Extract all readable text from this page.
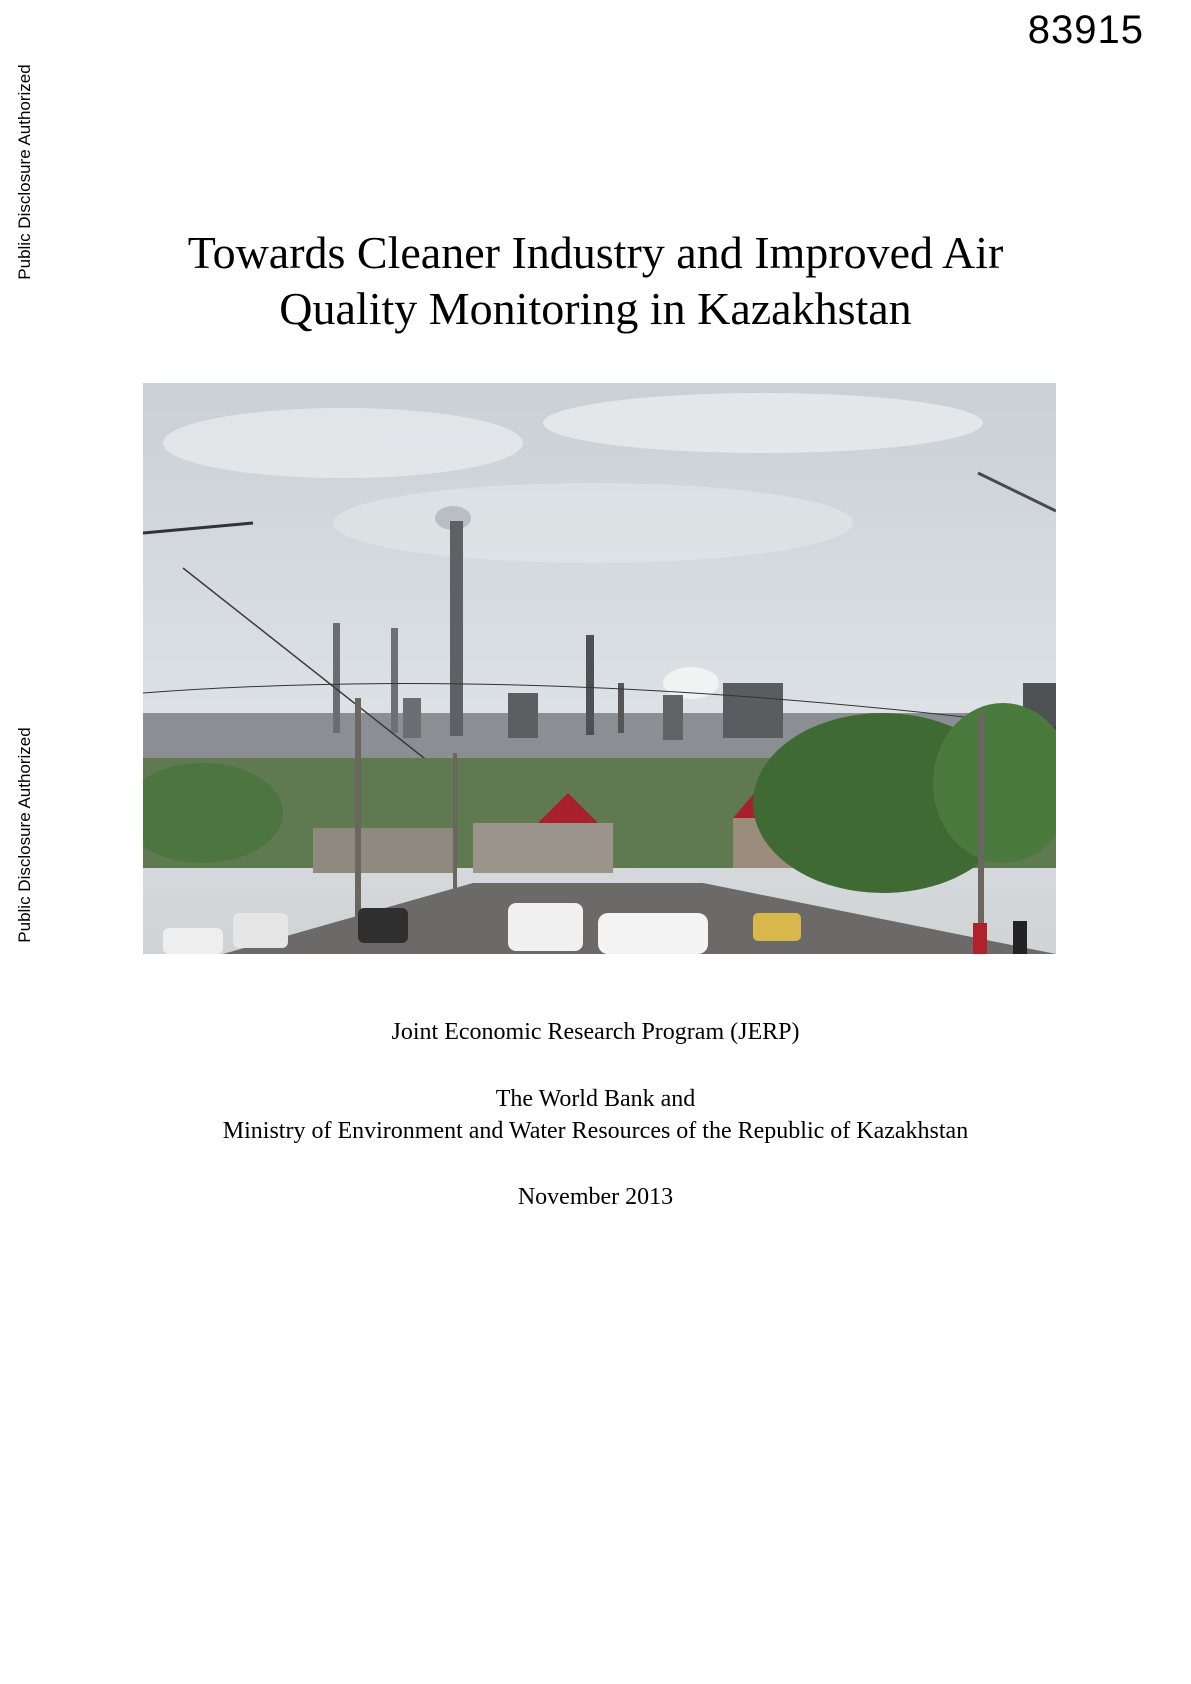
83915
Public Disclosure Authorized
Public Disclosure Authorized
Towards Cleaner Industry and Improved Air
Quality Monitoring in Kazakhstan
Joint Economic Research Program (JERP)
The World Bank and
Ministry of Environment and Water Resources of the Republic of Kazakhstan
November 2013
